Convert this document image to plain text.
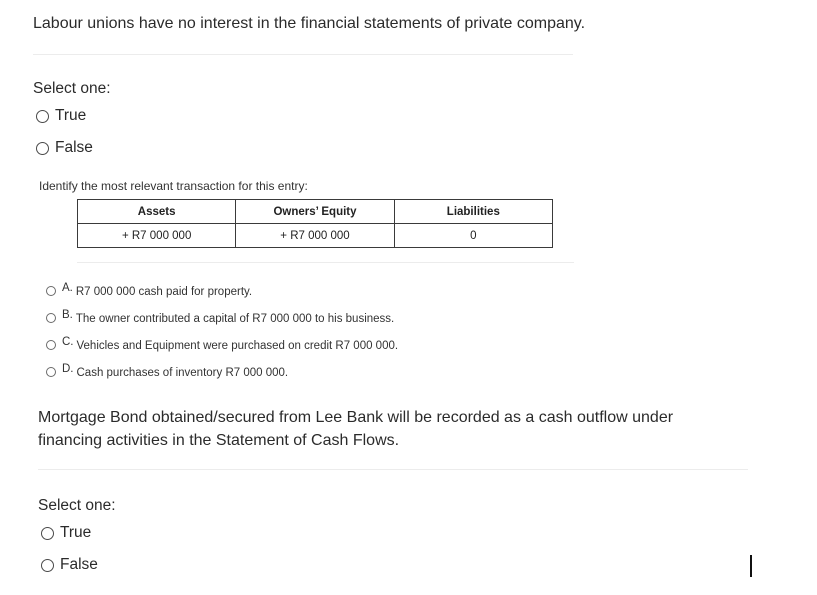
Labour unions have no interest in the financial statements of private company.
Select one:
True
False
Identify the most relevant transaction for this entry:
Assets	Owners’ Equity	Liabilities
+ R7 000 000	+ R7 000 000	0
A. R7 000 000 cash paid for property.
B. The owner contributed a capital of R7 000 000 to his business.
C. Vehicles and Equipment were purchased on credit R7 000 000.
D. Cash purchases of inventory R7 000 000.
Mortgage Bond obtained/secured from Lee Bank will be recorded as a cash outflow under financing activities in the Statement of Cash Flows.
Select one:
True
False
